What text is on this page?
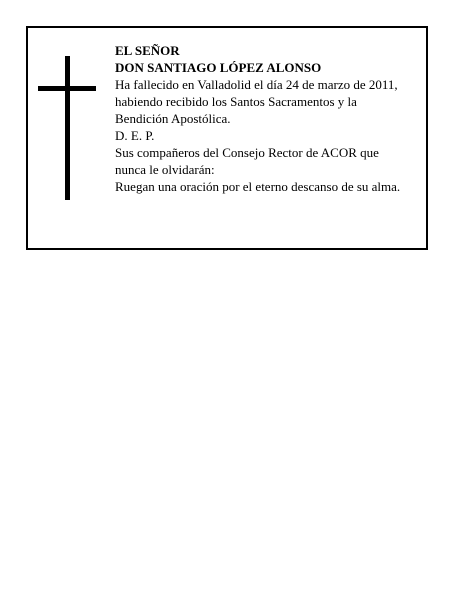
EL SEÑOR
DON SANTIAGO LÓPEZ ALONSO
Ha fallecido en Valladolid el día 24 de marzo de 2011,
habiendo recibido los Santos Sacramentos y la
Bendición Apostólica.
D. E. P.
Sus compañeros del Consejo Rector de ACOR que
nunca le olvidarán:
Ruegan una oración por el eterno descanso de su alma.
